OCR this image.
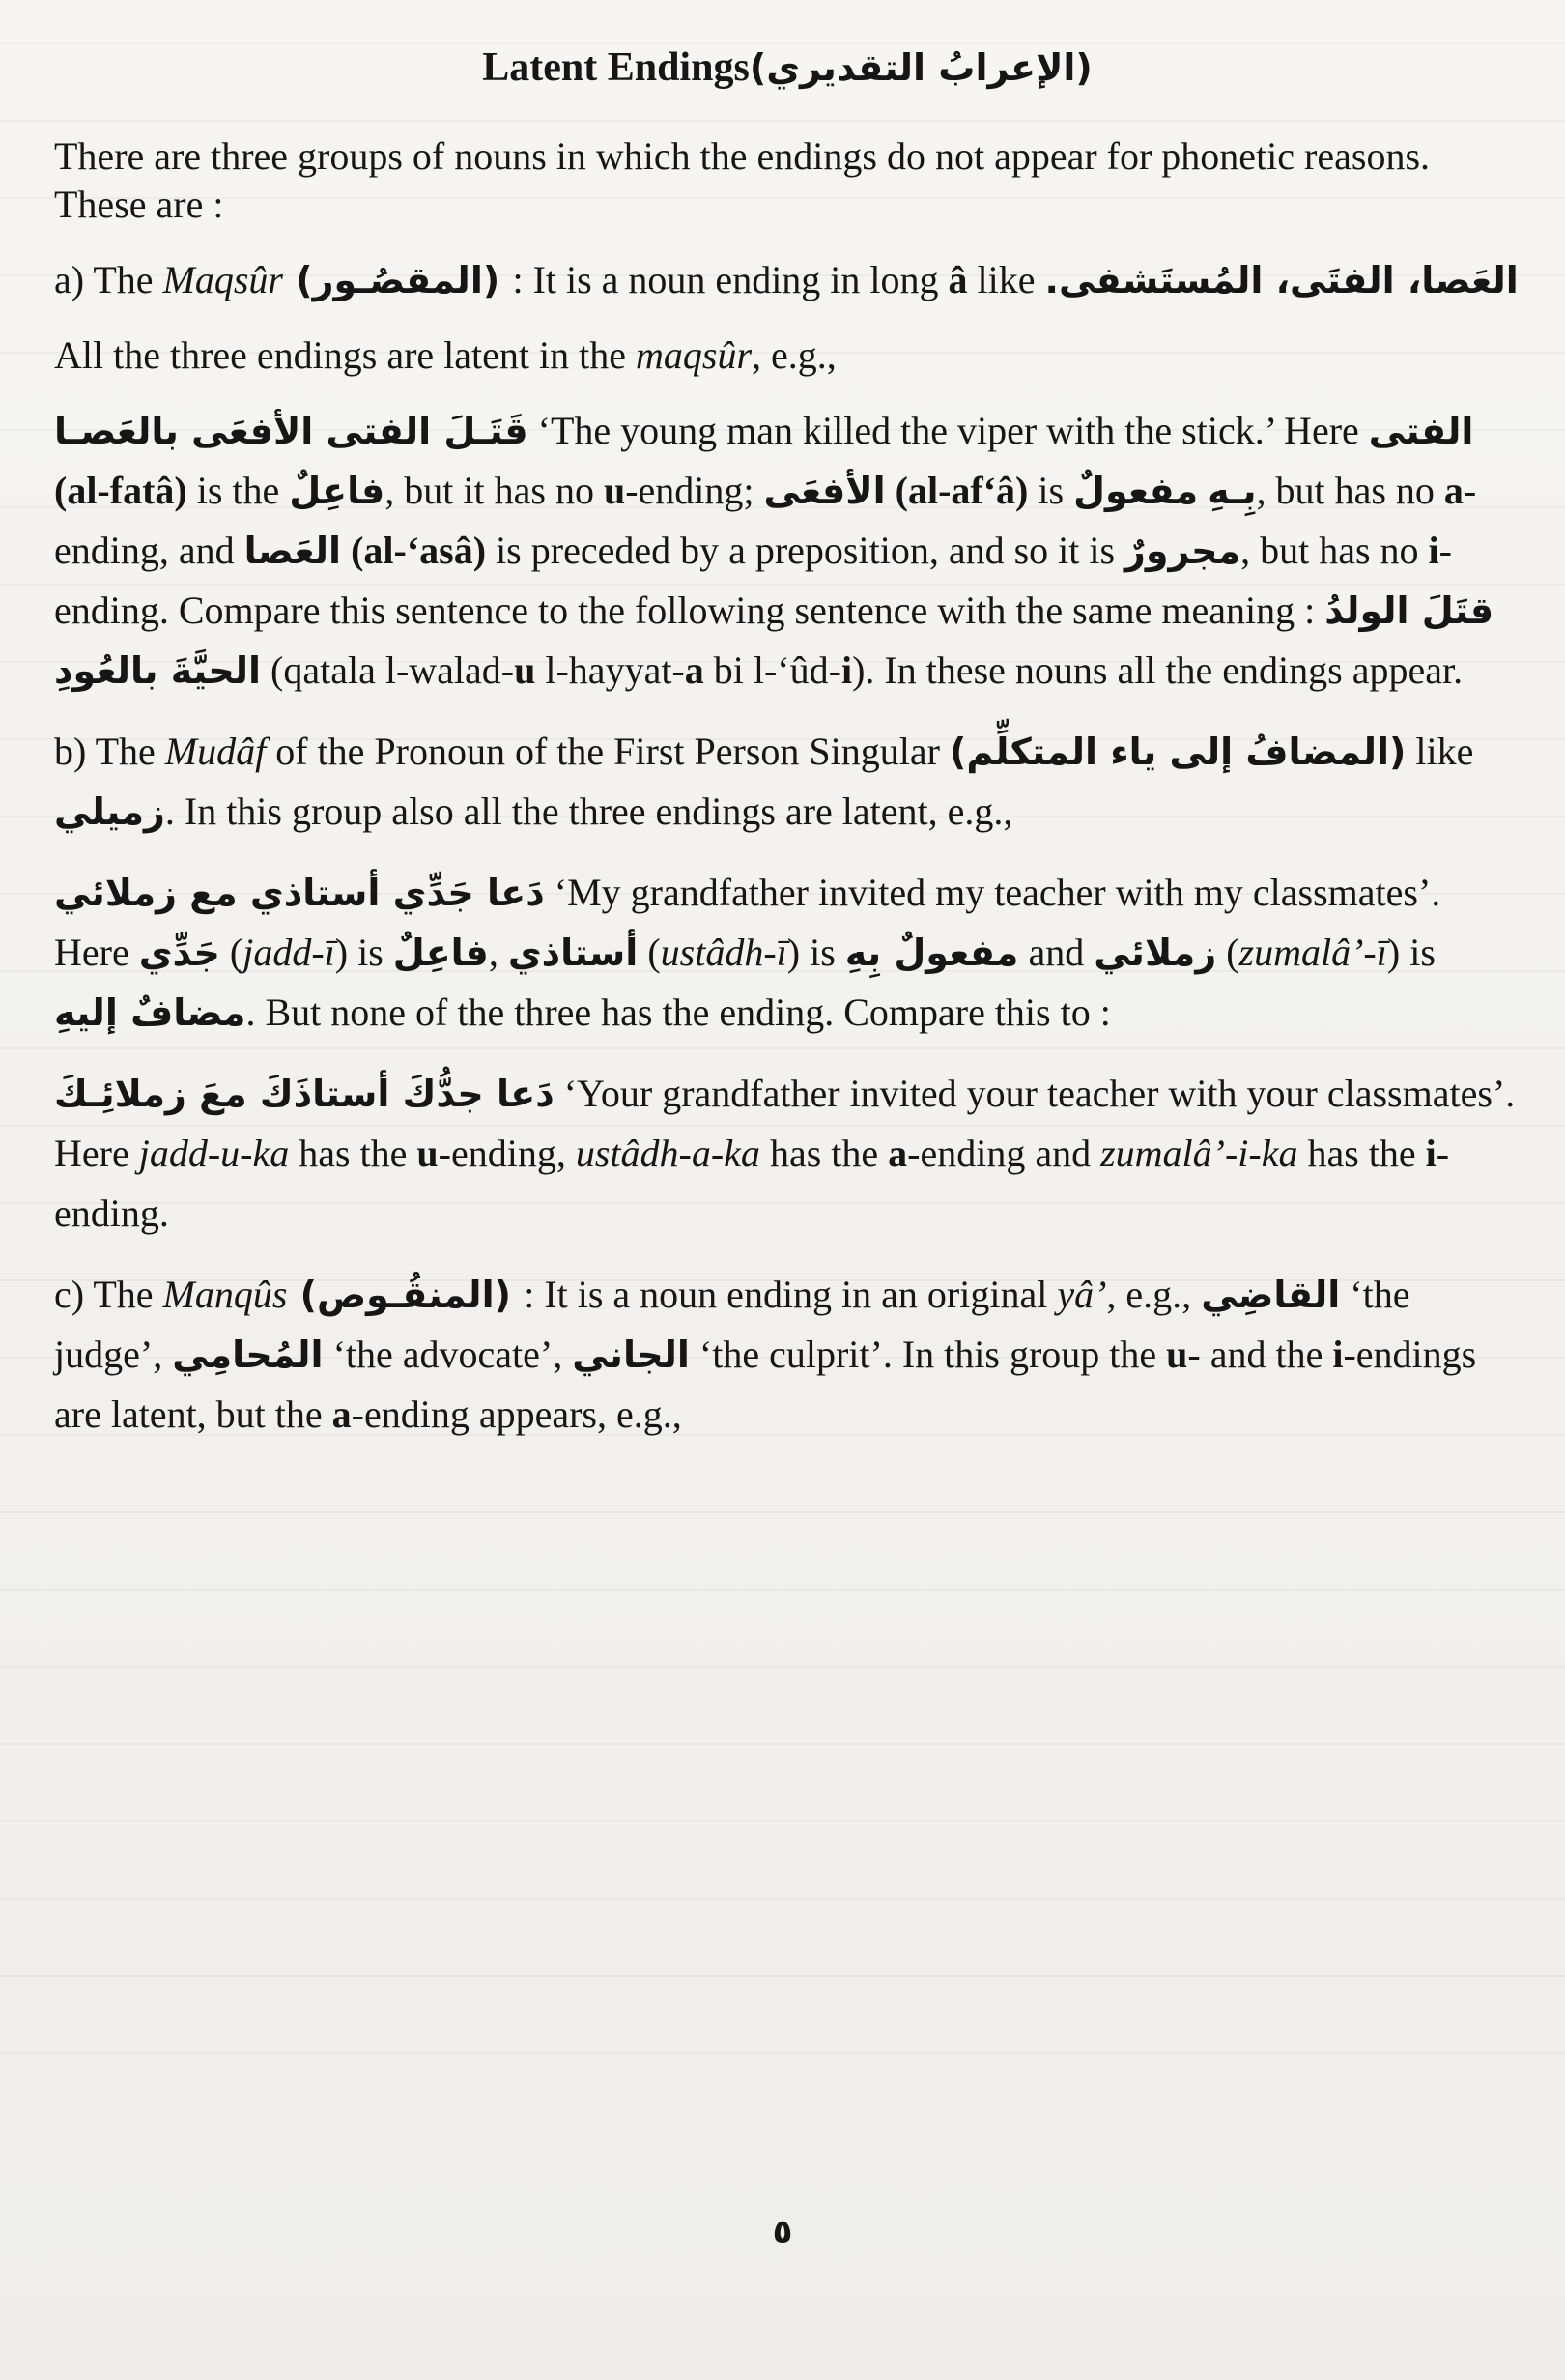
Latent Endings(الإعرابُ التقديري)

There are three groups of nouns in which the endings do not appear for phonetic reasons. These are :

a) The Maqsûr (المقصُـور) : It is a noun ending in long â like العَصا، الفتَى، المُستَشفى.

All the three endings are latent in the maqsûr, e.g.,

قَتَـلَ الفتى الأفعَى بالعَصـا ‘The young man killed the viper with the stick.’ Here الفتى (al-fatâ) is the فاعِلٌ, but it has no u-ending; الأفعَى (al-afʻâ) is مفعولٌ بِـهِ, but has no a-ending, and العَصا (al-ʻasâ) is preceded by a preposition, and so it is مجرورٌ, but has no i-ending. Compare this sentence to the following sentence with the same meaning : قتَلَ الولدُ الحيَّةَ بالعُودِ (qatala l-walad-u l-hayyat-a bi l-ʻûd-i). In these nouns all the endings appear.

b) The Mudâf of the Pronoun of the First Person Singular (المضافُ إلى ياء المتكلِّم) like زميلي. In this group also all the three endings are latent, e.g.,

دَعا جَدِّي أستاذي مع زملائي ‘My grandfather invited my teacher with my classmates’. Here جَدِّي (jadd-ī) is فاعِلٌ, أستاذي (ustâdh-ī) is مفعولٌ بِهِ and زملائي (zumalâ’-ī) is مضافٌ إليهِ. But none of the three has the ending. Compare this to :

دَعا جدُّكَ أستاذَكَ معَ زملائِـكَ ‘Your grandfather invited your teacher with your classmates’. Here jadd-u-ka has the u-ending, ustâdh-a-ka has the a-ending and zumalâ’-i-ka has the i-ending.

c) The Manqûs (المنقُـوص) : It is a noun ending in an original yâ’, e.g., القاضِي ‘the judge’, المُحامِي ‘the advocate’, الجاني ‘the culprit’. In this group the u- and the i-endings are latent, but the a-ending appears, e.g.,

٥
